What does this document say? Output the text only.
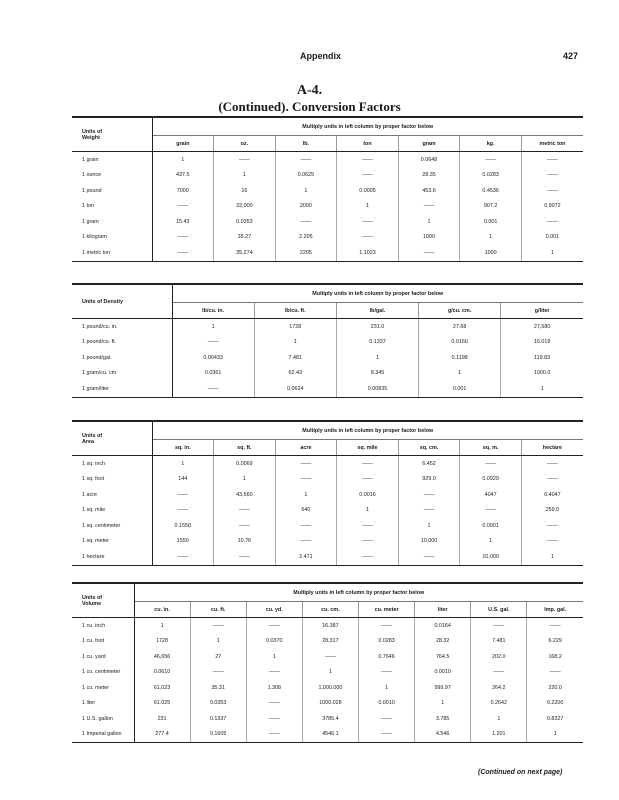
Appendix	427
A-4.
(Continued). Conversion Factors
Units of
Weight	Multiply units in left column by proper factor below						
	grain	oz.	lb.	ton	gram	kg.	metric ton
1 grain	1	——	——	——	0.0648	——	——
1 ounce	437.5	1	0.0625	——	28.35	0.0283	——
1 pound	7000	16	1	0.0005	453.6	0.4536	——
1 ton	——	32,000	2000	1	——	907.2	0.9072
1 gram	15.43	0.0353	——	——	1	0.001	——
1 kilogram	——	35.27	2.205	——	1000	1	0.001
1 metric ton	——	35,274	2205	1.1023	——	1000	1
Units of Density	Multiply units in left column by proper factor below				
	lb/cu. in.	lb/cu. ft.	lb/gal.	g/cu. cm.	g/liter
1 pound/cu. in.	1	1728	231.0	27.68	27,680
1 pound/cu. ft.	——	1	0.1337	0.0160	16.019
1 pound/gal.	0.00433	7.481	1	0.1198	119.83
1 gram/cu. cm.	0.0361	62.43	8.345	1	1000.0
1 gram/liter	——	0.0624	0.00835	0.001	1
Units of
Area	Multiply units in left column by proper factor below						
	sq. in.	sq. ft.	acre	sq. mile	sq. cm.	sq. m.	hectare
1 sq. inch	1	0.0069	——	——	6.452	——	——
1 sq. foot	144	1	——	——	929.0	0.0929	——
1 acre	——	43,560	1	0.0016	——	4047	0.4047
1 sq. mile	——	——	640	1	——	——	259.0
1 sq. centimeter	0.1550	——	——	——	1	0.0001	——
1 sq. meter	1550	10.76	——	——	10,000	1	——
1 hectare	——	——	2.471	——	——	10,000	1
Units of
Volume	Multiply units in left column by proper factor below							
	cu. in.	cu. ft.	cu. yd.	cu. cm.	cu. meter	liter	U.S. gal.	Imp. gal.
1 cu. inch	1	——	——	16.387	——	0.0164	——	——
1 cu. foot	1728	1	0.0370	28,317	0.0283	28.32	7.481	6.229
1 cu. yard	46,656	27	1	——	0.7646	764.5	202.0	168.2
1 cu. centimeter	0.0610	——	——	1	——	0.0010	——	——
1 cu. meter	61,023	35.31	1.308	1,000,000	1	999.97	264.2	220.0
1 liter	61.025	0.0353	——	1000.028	0.0010	1	0.2642	0.2200
1 U.S. gallon	231	0.1337	——	3785.4	——	3.785	1	0.8327
1 Imperial gallon	277.4	0.1605	——	4546.1	——	4.546	1.201	1
(Continued on next page)
